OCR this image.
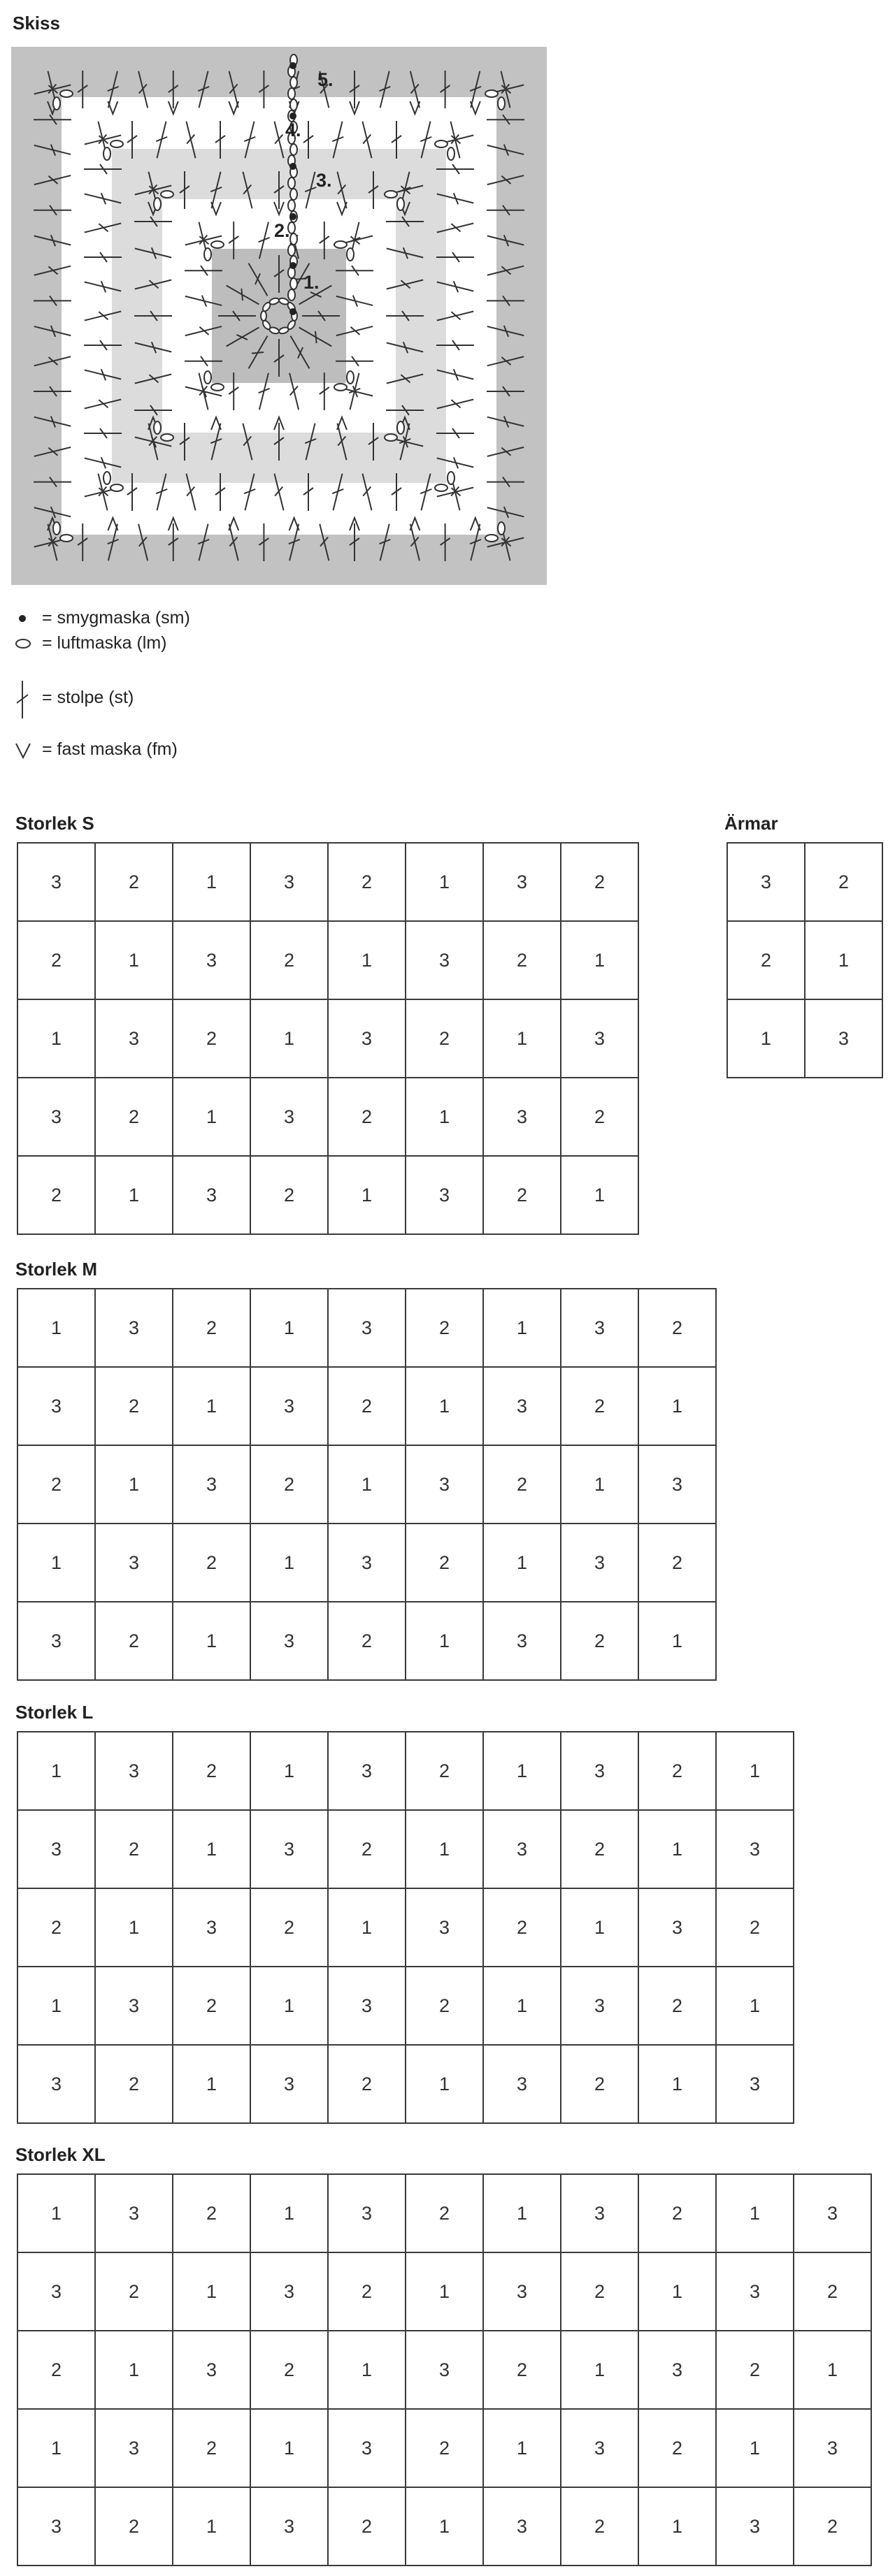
Skiss
1.
2.
3.
4.
5.
= smygmaska (sm)
= luftmaska (lm)
= stolpe (st)
= fast maska (fm)
Storlek S	Ärmar
Storlek M
Storlek L
Storlek XL
3	2	1	3	2	1	3	2
2	1	3	2	1	3	2	1
1	3	2	1	3	2	1	3
3	2	1	3	2	1	3	2
2	1	3	2	1	3	2	1
3	2
2	1
1	3
1	3	2	1	3	2	1	3	2
3	2	1	3	2	1	3	2	1
2	1	3	2	1	3	2	1	3
1	3	2	1	3	2	1	3	2
3	2	1	3	2	1	3	2	1
1	3	2	1	3	2	1	3	2	1
3	2	1	3	2	1	3	2	1	3
2	1	3	2	1	3	2	1	3	2
1	3	2	1	3	2	1	3	2	1
3	2	1	3	2	1	3	2	1	3
1	3	2	1	3	2	1	3	2	1	3
3	2	1	3	2	1	3	2	1	3	2
2	1	3	2	1	3	2	1	3	2	1
1	3	2	1	3	2	1	3	2	1	3
3	2	1	3	2	1	3	2	1	3	2
